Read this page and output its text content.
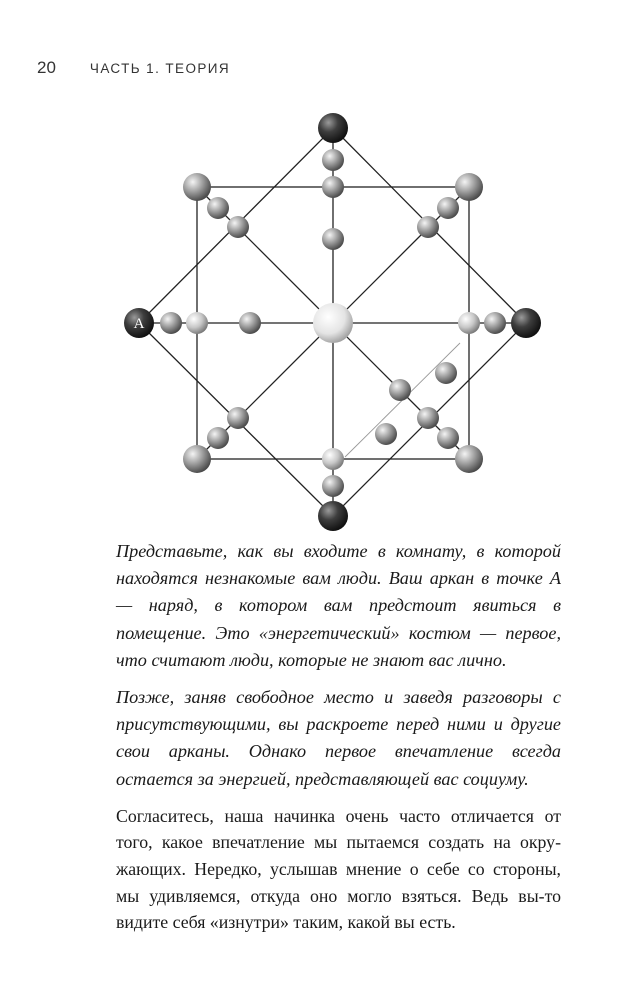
20	ЧАСТЬ 1. ТЕОРИЯ
A

Представьте, как вы входите в комнату, в которой находятся незнакомые вам люди. Ваш аркан в точке А — наряд, в котором вам предстоит явиться в помещение. Это «энергетический» костюм — первое, что считают люди, которые не знают вас лично.

Позже, заняв свободное место и заведя разговоры с присутствующими, вы раскроете перед ними и другие свои арканы. Однако первое впечатление всегда остается за энергией, представляющей вас социуму.

Согласитесь, наша начинка очень часто отличается от того, какое впечатление мы пытаемся создать на окружающих. Нередко, услышав мнение о себе со стороны, мы удивляемся, откуда оно могло взяться. Ведь вы-то видите себя «изнутри» таким, какой вы есть.
